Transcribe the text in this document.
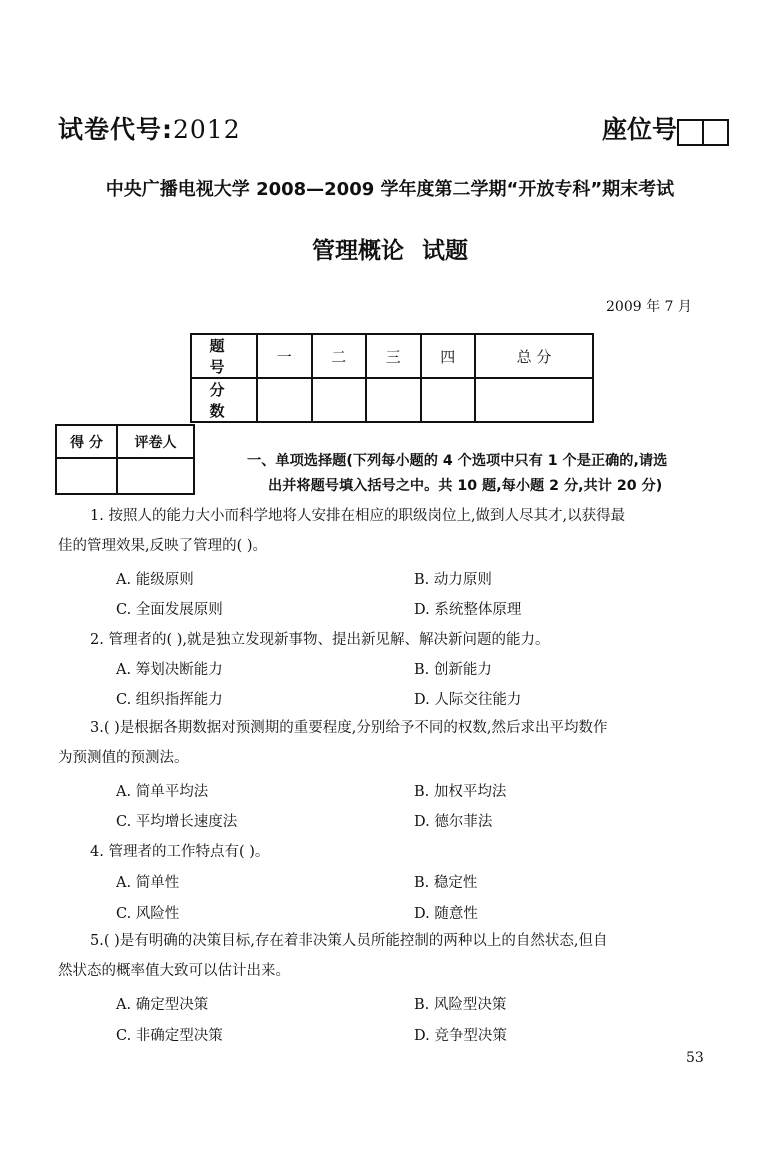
试卷代号:2012	座位号
中央广播电视大学 2008—2009 学年度第二学期“开放专科”期末考试
管理概论 试题
2009 年 7 月
题 号	一	二	三	四	总 分
分 数					
得 分	评卷人

一、单项选择题(下列每小题的 4 个选项中只有 1 个是正确的,请选
出并将题号填入括号之中。共 10 题,每小题 2 分,共计 20 分)
1. 按照人的能力大小而科学地将人安排在相应的职级岗位上,做到人尽其才,以获得最
佳的管理效果,反映了管理的( )。
A. 能级原则	B. 动力原则
C. 全面发展原则	D. 系统整体原理
2. 管理者的( ),就是独立发现新事物、提出新见解、解决新问题的能力。
A. 筹划决断能力	B. 创新能力
C. 组织指挥能力	D. 人际交往能力
3.( )是根据各期数据对预测期的重要程度,分别给予不同的权数,然后求出平均数作
为预测值的预测法。
A. 简单平均法	B. 加权平均法
C. 平均增长速度法	D. 德尔菲法
4. 管理者的工作特点有( )。
A. 简单性	B. 稳定性
C. 风险性	D. 随意性
5.( )是有明确的决策目标,存在着非决策人员所能控制的两种以上的自然状态,但自
然状态的概率值大致可以估计出来。
A. 确定型决策	B. 风险型决策
C. 非确定型决策	D. 竞争型决策
53
